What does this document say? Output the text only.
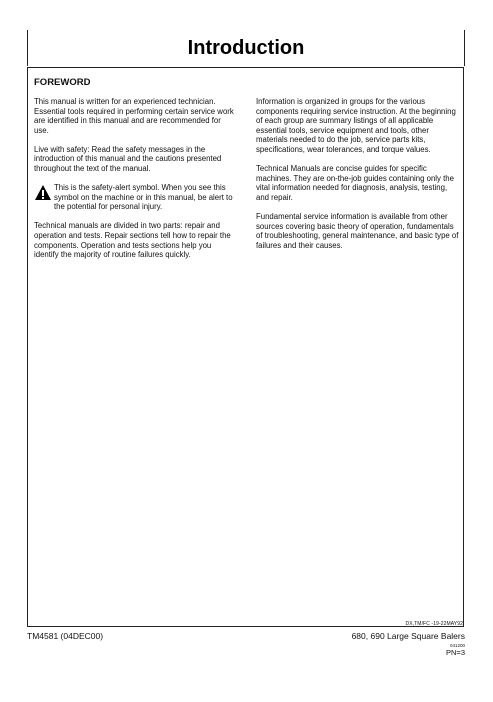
Introduction
FOREWORD

This manual is written for an experienced technician. Essential tools required in performing certain service work are identified in this manual and are recommended for use.

Live with safety: Read the safety messages in the introduction of this manual and the cautions presented throughout the text of the manual.

This is the safety-alert symbol. When you see this symbol on the machine or in this manual, be alert to the potential for personal injury.

Technical manuals are divided in two parts: repair and operation and tests. Repair sections tell how to repair the components. Operation and tests sections help you identify the majority of routine failures quickly.

Information is organized in groups for the various components requiring service instruction. At the beginning of each group are summary listings of all applicable essential tools, service equipment and tools, other materials needed to do the job, service parts kits, specifications, wear tolerances, and torque values.

Technical Manuals are concise guides for specific machines. They are on-the-job guides containing only the vital information needed for diagnosis, analysis, testing, and repair.

Fundamental service information is available from other sources covering basic theory of operation, fundamentals of troubleshooting, general maintenance, and basic type of failures and their causes.

DX,TM/FC -19-22MAY92
TM4581 (04DEC00)	680, 690 Large Square Balers
041200
PN=3
